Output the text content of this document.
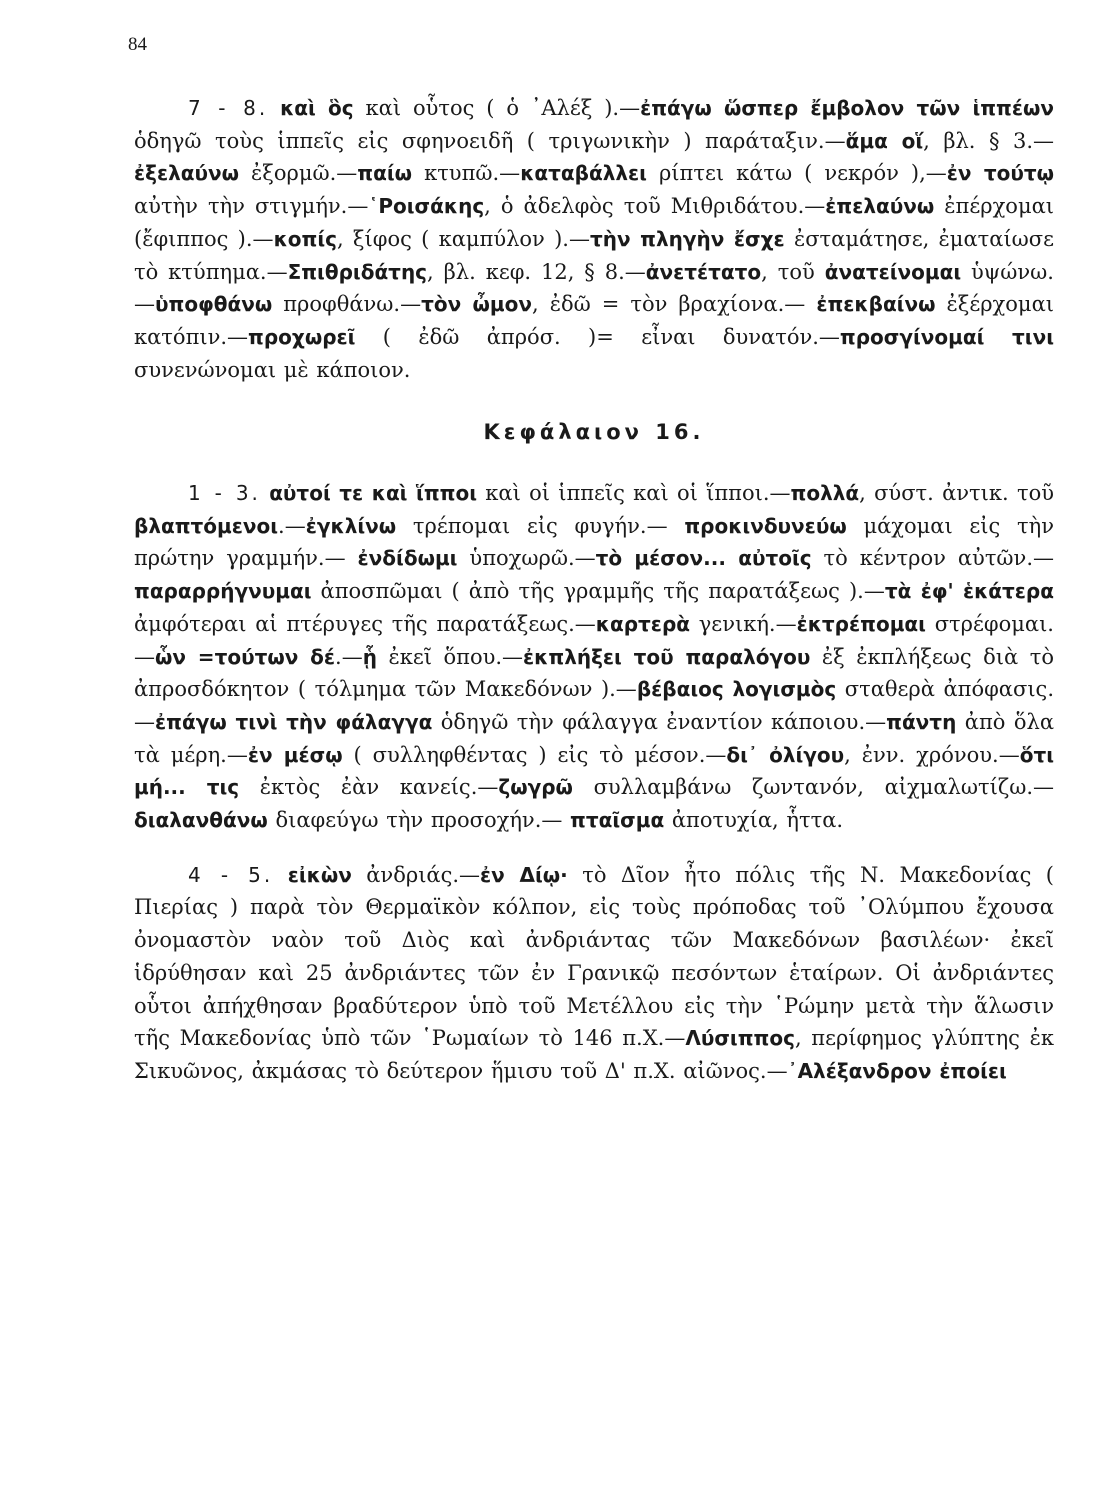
84

7 - 8. καὶ ὃς καὶ οὗτος ( ὁ ᾿Αλέξ ).—ἐπάγω ὥσπερ ἔμβολον τῶν ἱππέων ὁδηγῶ τοὺς ἱππεῖς εἰς σφηνοειδῆ ( τριγωνικὴν ) παράταξιν.—ἅμα οἵ, βλ. § 3.—ἐξελαύνω ἐξορμῶ.—παίω κτυπῶ.—καταβάλλει ρίπτει κάτω ( νεκρόν ),—ἐν τούτῳ αὐτὴν τὴν στιγμήν.—῾Ροισάκης, ὁ ἀδελφὸς τοῦ Μιθριδάτου.—ἐπελαύνω ἐπέρχομαι (ἔφιππος ).—κοπίς, ξίφος ( καμπύλον ).—τὴν πληγὴν ἔσχε ἐσταμάτησε, ἐματαίωσε τὸ κτύπημα.—Σπιθριδάτης, βλ. κεφ. 12, § 8.—ἀνετέτατο, τοῦ ἀνατείνομαι ὑψώνω.—ὑποφθάνω προφθάνω.—τὸν ὦμον, ἐδῶ = τὸν βραχίονα.— ἐπεκβαίνω ἐξέρχομαι κατόπιν.—προχωρεῖ ( ἐδῶ ἀπρόσ. )= εἶναι δυνατόν.—προσγίνομαί τινι συνενώνομαι μὲ κάποιον.

Κεφάλαιον 16.

1 - 3. αὐτοί τε καὶ ἵπποι καὶ οἱ ἱππεῖς καὶ οἱ ἵπποι.—πολλά, σύστ. ἀντικ. τοῦ βλαπτόμενοι.—ἐγκλίνω τρέπομαι εἰς φυγήν.— προκινδυνεύω μάχομαι εἰς τὴν πρώτην γραμμήν.— ἐνδίδωμι ὑποχωρῶ.—τὸ μέσον... αὐτοῖς τὸ κέντρον αὐτῶν.—παραρρήγνυμαι ἀποσπῶμαι ( ἀπὸ τῆς γραμμῆς τῆς παρατάξεως ).—τὰ ἐφ' ἑκάτερα ἀμφότεραι αἱ πτέρυγες τῆς παρατάξεως.—καρτερὰ γενική.—ἐκτρέπομαι στρέφομαι.—ὧν =τούτων δέ.—ᾗ ἐκεῖ ὅπου.—ἐκπλήξει τοῦ παραλόγου ἐξ ἐκπλήξεως διὰ τὸ ἀπροσδόκητον ( τόλμημα τῶν Μακεδόνων ).—βέβαιος λογισμὸς σταθερὰ ἀπόφασις.—ἐπάγω τινὶ τὴν φάλαγγα ὁδηγῶ τὴν φάλαγγα ἐναντίον κάποιου.—πάντη ἀπὸ ὅλα τὰ μέρη.—ἐν μέσῳ ( συλληφθέντας ) εἰς τὸ μέσον.—δι᾿ ὀλίγου, ἐνν. χρόνου.—ὅτι μή... τις ἐκτὸς ἐὰν κανείς.—ζωγρῶ συλλαμβάνω ζωντανόν, αἰχμαλωτίζω.—διαλανθάνω διαφεύγω τὴν προσοχήν.— πταῖσμα ἀποτυχία, ἧττα.

4 - 5. εἰκὼν ἀνδριάς.—ἐν Δίῳ· τὸ Δῖον ἦτο πόλις τῆς Ν. Μακεδονίας ( Πιερίας ) παρὰ τὸν Θερμαϊκὸν κόλπον, εἰς τοὺς πρόποδας τοῦ ᾿Ολύμπου ἔχουσα ὀνομαστὸν ναὸν τοῦ Διὸς καὶ ἀνδριάντας τῶν Μακεδόνων βασιλέων· ἐκεῖ ἱδρύθησαν καὶ 25 ἀνδριάντες τῶν ἐν Γρανικῷ πεσόντων ἑταίρων. Οἱ ἀνδριάντες οὗτοι ἀπήχθησαν βραδύτερον ὑπὸ τοῦ Μετέλλου εἰς τὴν ῾Ρώμην μετὰ τὴν ἅλωσιν τῆς Μακεδονίας ὑπὸ τῶν ῾Ρωμαίων τὸ 146 π.Χ.—Λύσιππος, περίφημος γλύπτης ἐκ Σικυῶνος, ἀκμάσας τὸ δεύτερον ἥμισυ τοῦ Δ' π.Χ. αἰῶνος.—᾿Αλέξανδρον ἐποίει
